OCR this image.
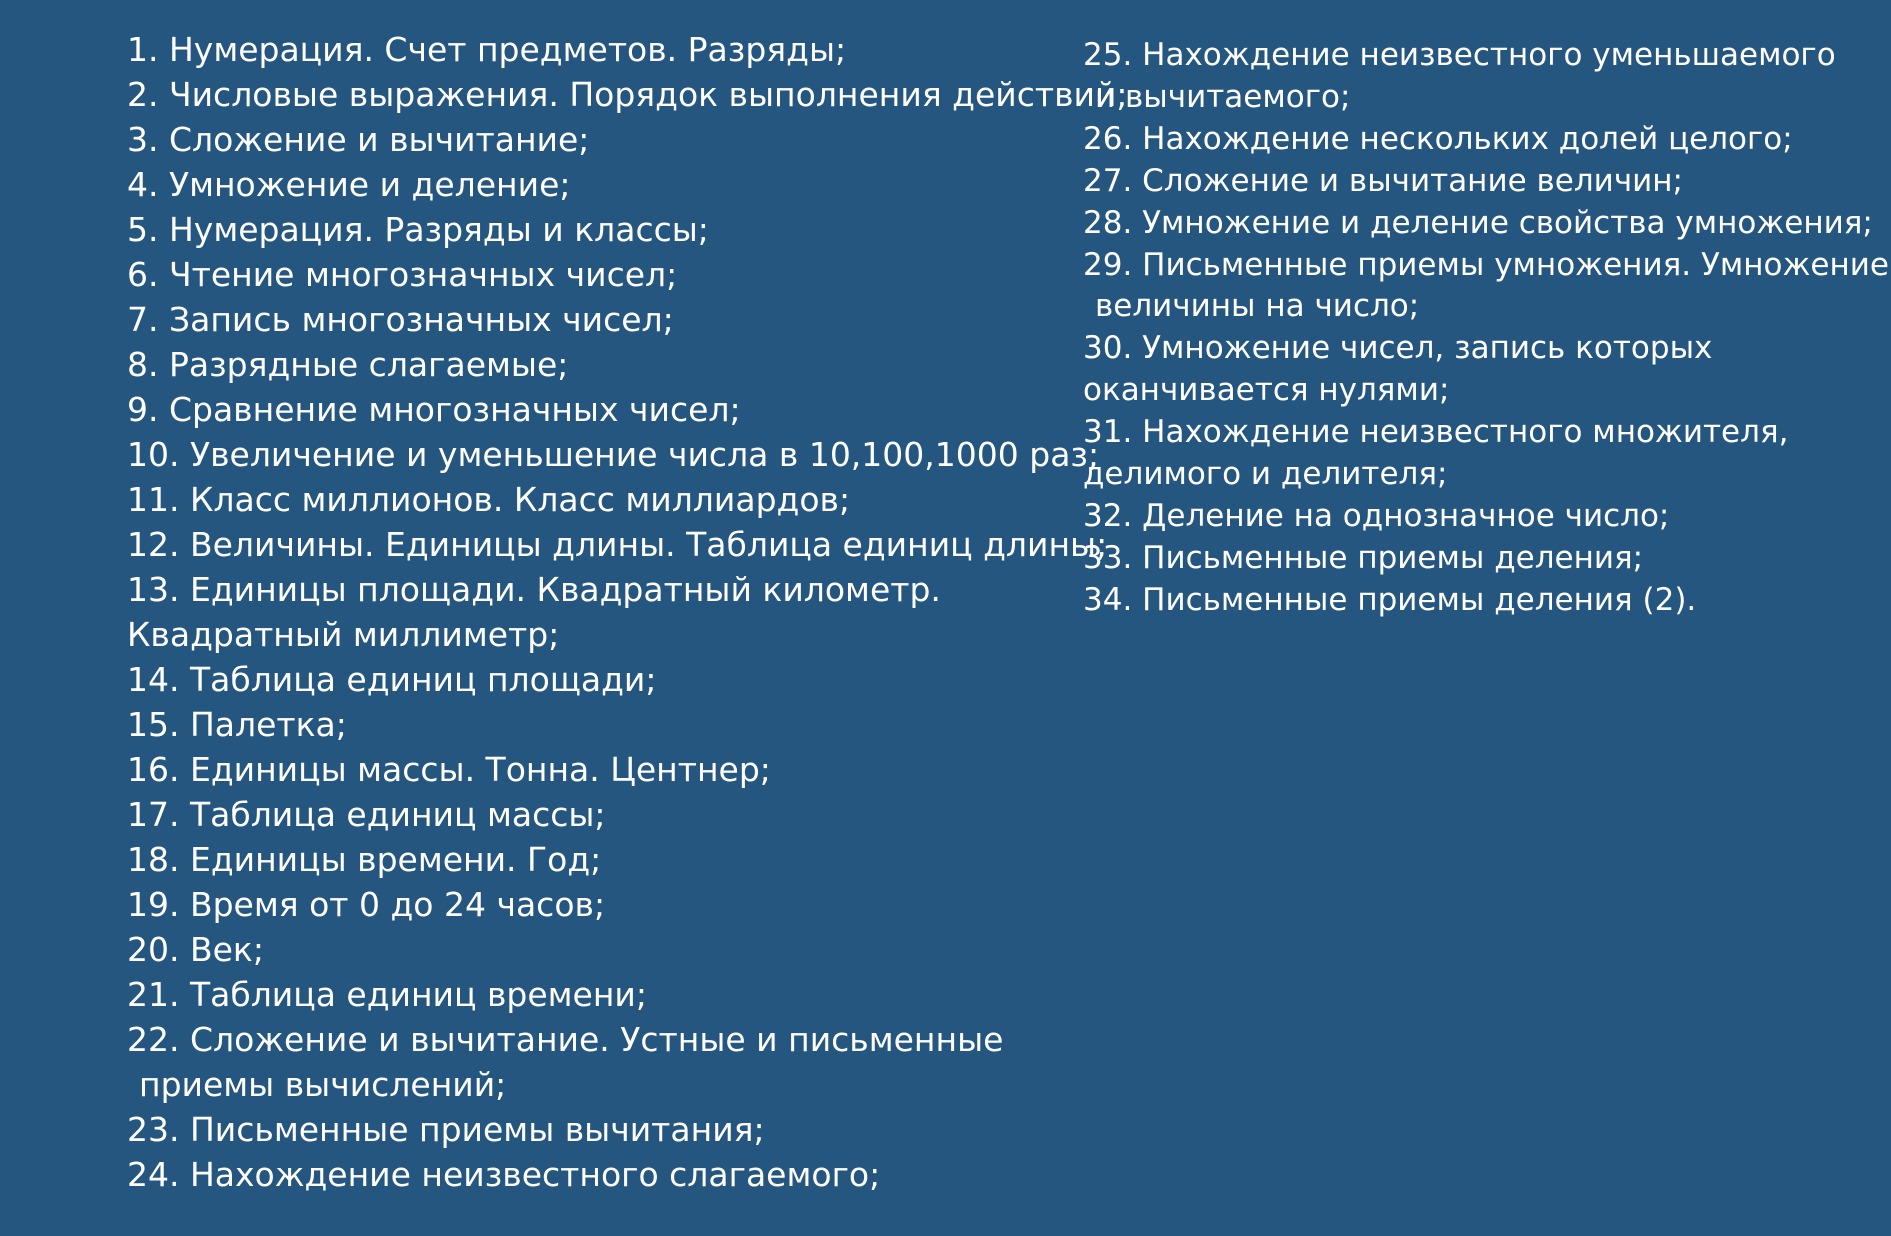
1. Нумерация. Счет предметов. Разряды;
2. Числовые выражения. Порядок выполнения действий;
3. Сложение и вычитание;
4. Умножение и деление;
5. Нумерация. Разряды и классы;
6. Чтение многозначных чисел;
7. Запись многозначных чисел;
8. Разрядные слагаемые;
9. Сравнение многозначных чисел;
10. Увеличение и уменьшение числа в 10,100,1000 раз;
11. Класс миллионов. Класс миллиардов;
12. Величины. Единицы длины. Таблица единиц длины;
13. Единицы площади. Квадратный километр.
Квадратный миллиметр;
14. Таблица единиц площади;
15. Палетка;
16. Единицы массы. Тонна. Центнер;
17. Таблица единиц массы;
18. Единицы времени. Год;
19. Время от 0 до 24 часов;
20. Век;
21. Таблица единиц времени;
22. Сложение и вычитание. Устные и письменные
приемы вычислений;
23. Письменные приемы вычитания;
24. Нахождение неизвестного слагаемого;
25. Нахождение неизвестного уменьшаемого
и вычитаемого;
26. Нахождение нескольких долей целого;
27. Сложение и вычитание величин;
28. Умножение и деление свойства умножения;
29. Письменные приемы умножения. Умножение
величины на число;
30. Умножение чисел, запись которых
оканчивается нулями;
31. Нахождение неизвестного множителя,
делимого и делителя;
32. Деление на однозначное число;
33. Письменные приемы деления;
34. Письменные приемы деления (2).
